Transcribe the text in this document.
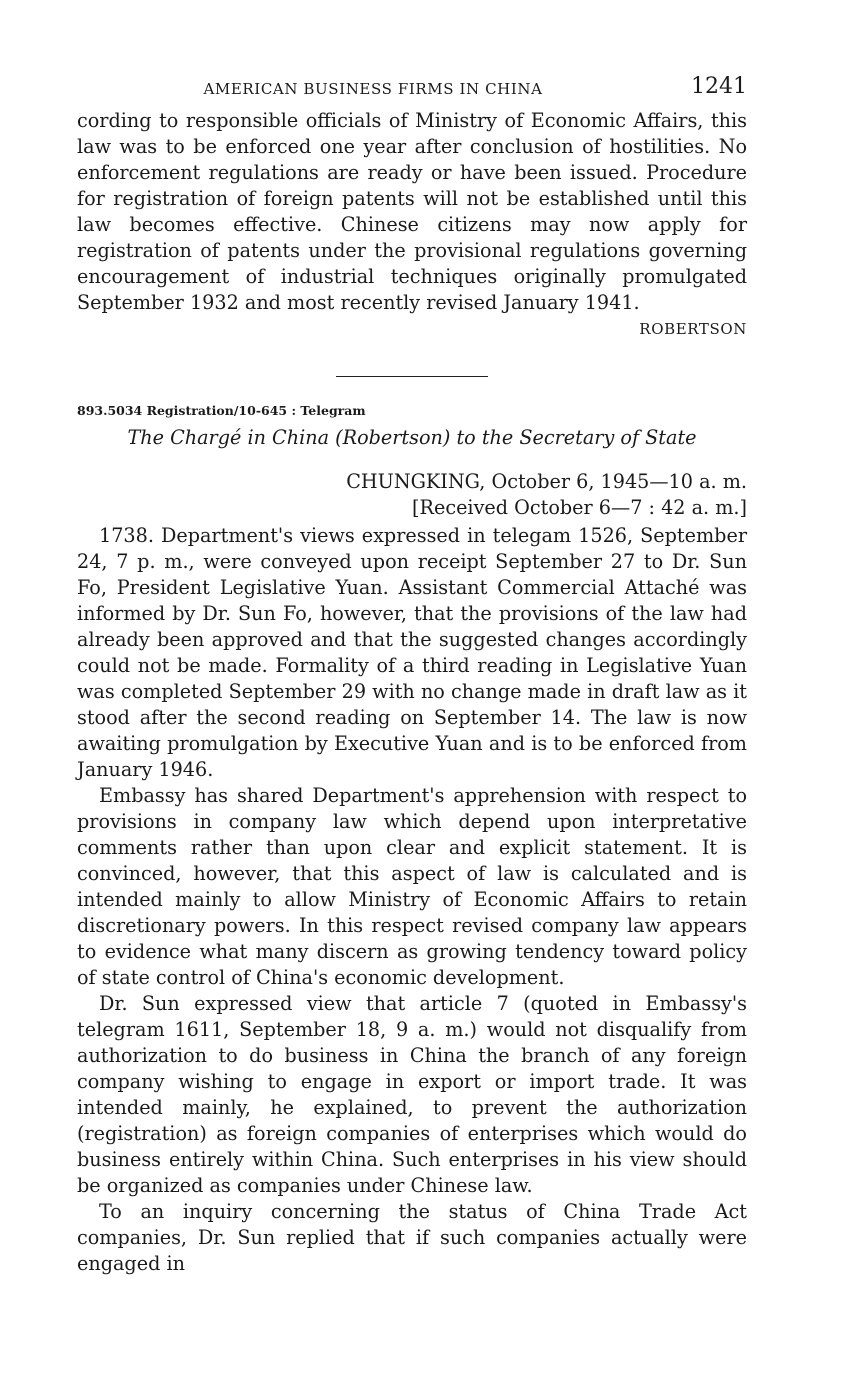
AMERICAN BUSINESS FIRMS IN CHINA	1241

cording to responsible officials of Ministry of Economic Affairs, this law was to be enforced one year after conclusion of hostilities. No enforcement regulations are ready or have been issued. Procedure for registration of foreign patents will not be established until this law becomes effective. Chinese citizens may now apply for registration of patents under the provisional regulations governing encouragement of industrial techniques originally promulgated September 1932 and most recently revised January 1941.

ROBERTSON
893.5034 Registration/10-645 : Telegram
The Chargé in China (Robertson) to the Secretary of State
CHUNGKING, October 6, 1945—10 a. m.
[Received October 6—7 : 42 a. m.]

1738. Department's views expressed in telegam 1526, September 24, 7 p. m., were conveyed upon receipt September 27 to Dr. Sun Fo, President Legislative Yuan. Assistant Commercial Attaché was informed by Dr. Sun Fo, however, that the provisions of the law had already been approved and that the suggested changes accordingly could not be made. Formality of a third reading in Legislative Yuan was completed September 29 with no change made in draft law as it stood after the second reading on September 14. The law is now awaiting promulgation by Executive Yuan and is to be enforced from January 1946.

Embassy has shared Department's apprehension with respect to provisions in company law which depend upon interpretative comments rather than upon clear and explicit statement. It is convinced, however, that this aspect of law is calculated and is intended mainly to allow Ministry of Economic Affairs to retain discretionary powers. In this respect revised company law appears to evidence what many discern as growing tendency toward policy of state control of China's economic development.

Dr. Sun expressed view that article 7 (quoted in Embassy's telegram 1611, September 18, 9 a. m.) would not disqualify from authorization to do business in China the branch of any foreign company wishing to engage in export or import trade. It was intended mainly, he explained, to prevent the authorization (registration) as foreign companies of enterprises which would do business entirely within China. Such enterprises in his view should be organized as companies under Chinese law.

To an inquiry concerning the status of China Trade Act companies, Dr. Sun replied that if such companies actually were engaged in
